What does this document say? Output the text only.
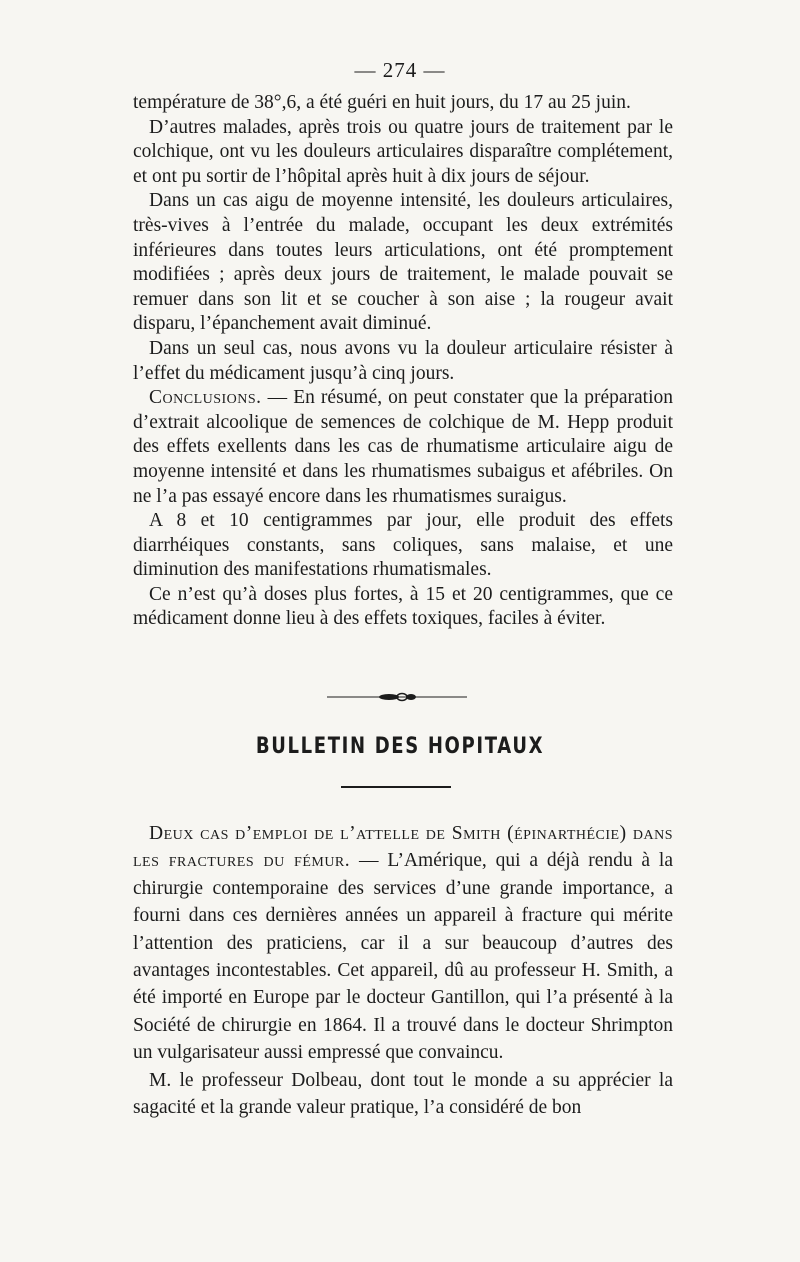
— 274 —

température de 38°,6, a été guéri en huit jours, du 17 au 25 juin.

D’autres malades, après trois ou quatre jours de traitement par le colchique, ont vu les douleurs articulaires disparaître complétement, et ont pu sortir de l’hôpital après huit à dix jours de séjour.

Dans un cas aigu de moyenne intensité, les douleurs articulaires, très-vives à l’entrée du malade, occupant les deux extrémités inférieures dans toutes leurs articulations, ont été promptement modifiées ; après deux jours de traitement, le malade pouvait se remuer dans son lit et se coucher à son aise ; la rougeur avait disparu, l’épanchement avait diminué.

Dans un seul cas, nous avons vu la douleur articulaire résister à l’effet du médicament jusqu’à cinq jours.

Conclusions. — En résumé, on peut constater que la préparation d’extrait alcoolique de semences de colchique de M. Hepp produit des effets exellents dans les cas de rhumatisme articulaire aigu de moyenne intensité et dans les rhumatismes subaigus et afébriles. On ne l’a pas essayé encore dans les rhumatismes suraigus.

A 8 et 10 centigrammes par jour, elle produit des effets diarrhéiques constants, sans coliques, sans malaise, et une diminution des manifestations rhumatismales.

Ce n’est qu’à doses plus fortes, à 15 et 20 centigrammes, que ce médicament donne lieu à des effets toxiques, faciles à éviter.

BULLETIN DES HOPITAUX

Deux cas d’emploi de l’attelle de Smith (épinarthécie) dans les fractures du fémur. — L’Amérique, qui a déjà rendu à la chirurgie contemporaine des services d’une grande importance, a fourni dans ces dernières années un appareil à fracture qui mérite l’attention des praticiens, car il a sur beaucoup d’autres des avantages incontestables. Cet appareil, dû au professeur H. Smith, a été importé en Europe par le docteur Gantillon, qui l’a présenté à la Société de chirurgie en 1864. Il a trouvé dans le docteur Shrimpton un vulgarisateur aussi empressé que convaincu.

M. le professeur Dolbeau, dont tout le monde a su apprécier la sagacité et la grande valeur pratique, l’a considéré de bon
